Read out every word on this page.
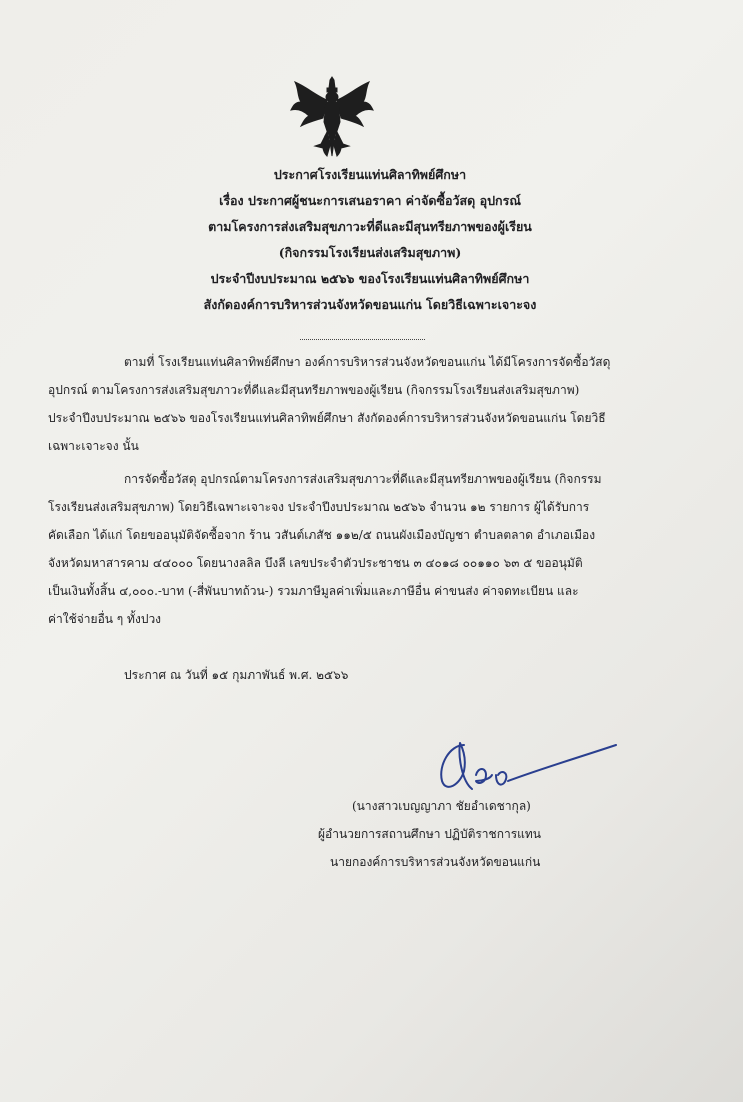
ประกาศโรงเรียนแท่นศิลาทิพย์ศึกษา
เรื่อง ประกาศผู้ชนะการเสนอราคา ค่าจัดซื้อวัสดุ อุปกรณ์
ตามโครงการส่งเสริมสุขภาวะที่ดีและมีสุนทรียภาพของผู้เรียน
(กิจกรรมโรงเรียนส่งเสริมสุขภาพ)
ประจำปีงบประมาณ ๒๕๖๖ ของโรงเรียนแท่นศิลาทิพย์ศึกษา
สังกัดองค์การบริหารส่วนจังหวัดขอนแก่น โดยวิธีเฉพาะเจาะจง
ตามที่ โรงเรียนแท่นศิลาทิพย์ศึกษา องค์การบริหารส่วนจังหวัดขอนแก่น ได้มีโครงการจัดซื้อวัสดุ
อุปกรณ์ ตามโครงการส่งเสริมสุขภาวะที่ดีและมีสุนทรียภาพของผู้เรียน (กิจกรรมโรงเรียนส่งเสริมสุขภาพ)
ประจำปีงบประมาณ ๒๕๖๖ ของโรงเรียนแท่นศิลาทิพย์ศึกษา สังกัดองค์การบริหารส่วนจังหวัดขอนแก่น โดยวิธี
เฉพาะเจาะจง นั้น
การจัดซื้อวัสดุ อุปกรณ์ตามโครงการส่งเสริมสุขภาวะที่ดีและมีสุนทรียภาพของผู้เรียน (กิจกรรม
โรงเรียนส่งเสริมสุขภาพ) โดยวิธีเฉพาะเจาะจง ประจำปีงบประมาณ ๒๕๖๖ จำนวน ๑๒ รายการ ผู้ได้รับการ
คัดเลือก ได้แก่ โดยขออนุมัติจัดซื้อจาก ร้าน วสันต์เภสัช ๑๑๒/๕ ถนนผังเมืองบัญชา ตำบลตลาด อำเภอเมือง
จังหวัดมหาสารคาม ๔๔๐๐๐ โดยนางลลิล บึงลี เลขประจำตัวประชาชน ๓ ๔๐๑๘ ๐๐๑๑๐ ๖๓ ๕ ขออนุมัติ
เป็นเงินทั้งสิ้น ๔,๐๐๐.-บาท (-สี่พันบาทถ้วน-) รวมภาษีมูลค่าเพิ่มและภาษีอื่น ค่าขนส่ง ค่าจดทะเบียน และ
ค่าใช้จ่ายอื่น ๆ ทั้งปวง
ประกาศ ณ วันที่ ๑๕ กุมภาพันธ์ พ.ศ. ๒๕๖๖
(นางสาวเบญญาภา ชัยอำเดชากุล)
ผู้อำนวยการสถานศึกษา ปฏิบัติราชการแทน
นายกองค์การบริหารส่วนจังหวัดขอนแก่น
